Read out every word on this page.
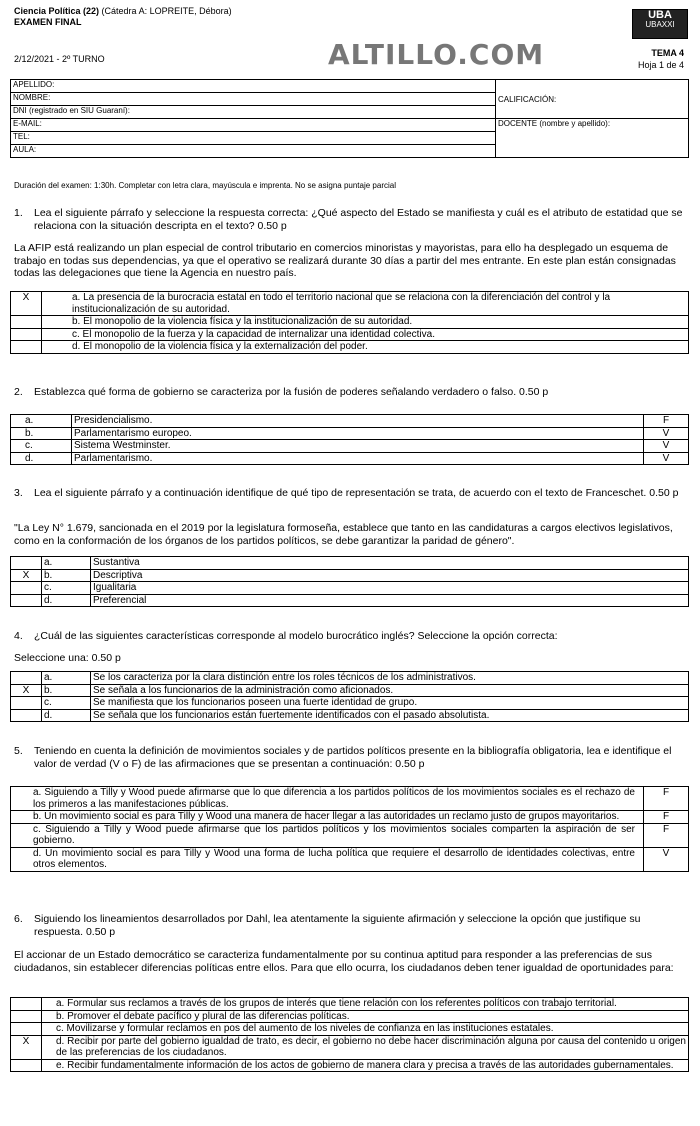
Ciencia Política (22) (Cátedra A: LOPREITE, Débora)
EXAMEN FINAL
2/12/2021 - 2º TURNO	ALTILLO.COM
UBA
UBAXXI
TEMA 4
Hoja 1 de 4
APELLIDO:	CALIFICACIÓN:
NOMBRE:	
DNI (registrado en SIU Guaraní):	
E-MAIL:	DOCENTE (nombre y apellido):
TEL:	
AULA:	
Duración del examen: 1:30h. Completar con letra clara, mayúscula e imprenta. No se asigna puntaje parcial
1.	Lea el siguiente párrafo y seleccione la respuesta correcta: ¿Qué aspecto del Estado se manifiesta y cuál es el atributo de estatidad que se relaciona con la situación descripta en el texto? 0.50 p
La AFIP está realizando un plan especial de control tributario en comercios minoristas y mayoristas, para ello ha desplegado un esquema de trabajo en todas sus dependencias, ya que el operativo se realizará durante 30 días a partir del mes entrante. En este plan están consignadas todas las delegaciones que tiene la Agencia en nuestro país.
X	a. La presencia de la burocracia estatal en todo el territorio nacional que se relaciona con la diferenciación del control y la institucionalización de su autoridad.
	b. El monopolio de la violencia física y la institucionalización de su autoridad.
	c. El monopolio de la fuerza y la capacidad de internalizar una identidad colectiva.
	d. El monopolio de la violencia física y la externalización del poder.
2.	Establezca qué forma de gobierno se caracteriza por la fusión de poderes señalando verdadero o falso. 0.50 p
a.	Presidencialismo.	F
b.	Parlamentarismo europeo.	V
c.	Sistema Westminster.	V
d.	Parlamentarismo.	V
3.	Lea el siguiente párrafo y a continuación identifique de qué tipo de representación se trata, de acuerdo con el texto de Franceschet. 0.50 p
"La Ley N° 1.679, sancionada en el 2019 por la legislatura formoseña, establece que tanto en las candidaturas a cargos electivos legislativos, como en la conformación de los órganos de los partidos políticos, se debe garantizar la paridad de género".
	a.	Sustantiva
X	b.	Descriptiva
	c.	Igualitaria
	d.	Preferencial
4.	¿Cuál de las siguientes características corresponde al modelo burocrático inglés? Seleccione la opción correcta:
Seleccione una: 0.50 p
	a.	Se los caracteriza por la clara distinción entre los roles técnicos de los administrativos.
X	b.	Se señala a los funcionarios de la administración como aficionados.
	c.	Se manifiesta que los funcionarios poseen una fuerte identidad de grupo.
	d.	Se señala que los funcionarios están fuertemente identificados con el pasado absolutista.
5.	Teniendo en cuenta la definición de movimientos sociales y de partidos políticos presente en la bibliografía obligatoria, lea e identifique el valor de verdad (V o F) de las afirmaciones que se presentan a continuación: 0.50 p
a. Siguiendo a Tilly y Wood puede afirmarse que lo que diferencia a los partidos políticos de los movimientos sociales es el rechazo de los primeros a las manifestaciones públicas.	F
b. Un movimiento social es para Tilly y Wood una manera de hacer llegar a las autoridades un reclamo justo de grupos mayoritarios.	F
c. Siguiendo a Tilly y Wood puede afirmarse que los partidos políticos y los movimientos sociales comparten la aspiración de ser gobierno.	F
d. Un movimiento social es para Tilly y Wood una forma de lucha política que requiere el desarrollo de identidades colectivas, entre otros elementos.	V
6.	Siguiendo los lineamientos desarrollados por Dahl, lea atentamente la siguiente afirmación y seleccione la opción que justifique su respuesta. 0.50 p
El accionar de un Estado democrático se caracteriza fundamentalmente por su continua aptitud para responder a las preferencias de sus ciudadanos, sin establecer diferencias políticas entre ellos. Para que ello ocurra, los ciudadanos deben tener igualdad de oportunidades para:
	a. Formular sus reclamos a través de los grupos de interés que tiene relación con los referentes políticos con trabajo territorial.
	b. Promover el debate pacífico y plural de las diferencias políticas.
	c. Movilizarse y formular reclamos en pos del aumento de los niveles de confianza en las instituciones estatales.
X	d. Recibir por parte del gobierno igualdad de trato, es decir, el gobierno no debe hacer discriminación alguna por causa del contenido u origen de las preferencias de los ciudadanos.
	e. Recibir fundamentalmente información de los actos de gobierno de manera clara y precisa a través de las autoridades gubernamentales.
